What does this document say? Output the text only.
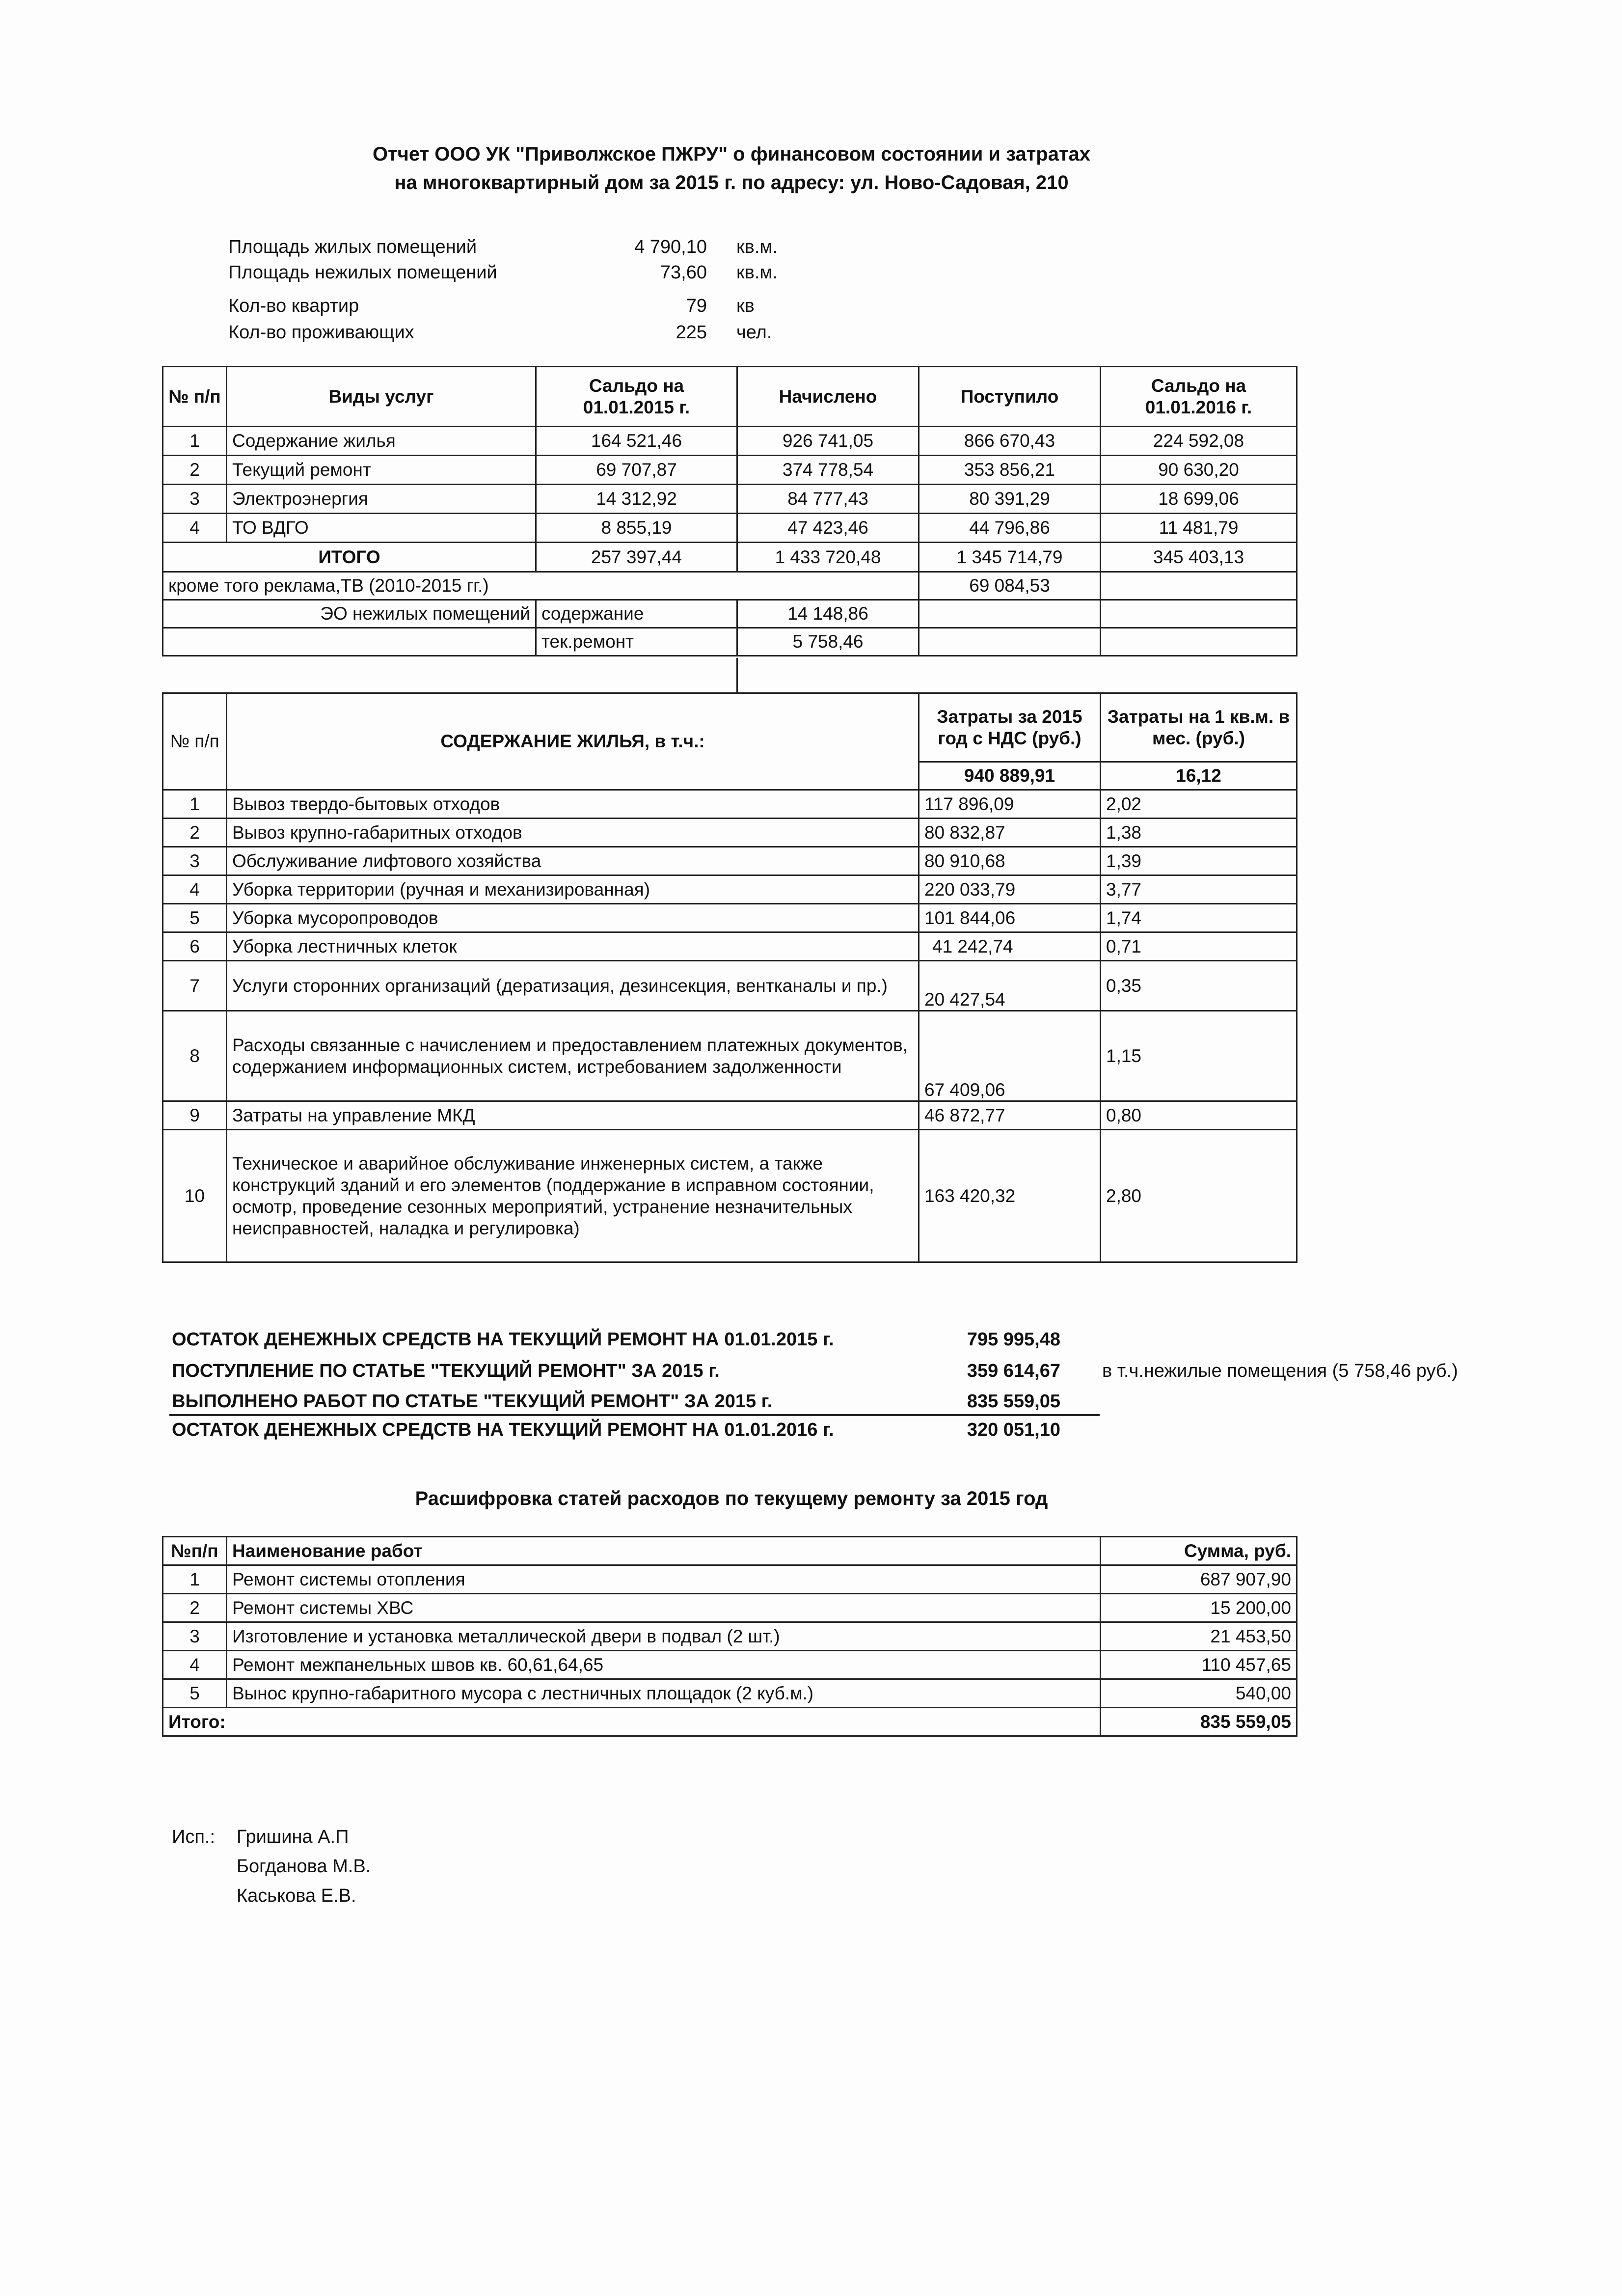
Отчет ООО УК "Приволжское ПЖРУ" о финансовом состоянии и затратах
на многоквартирный дом за 2015 г. по адресу: ул. Ново-Садовая, 210
Площадь жилых помещений	4 790,10 кв.м.
Площадь нежилых помещений	73,60 кв.м.
Кол-во квартир	79 кв
Кол-во проживающих	225 чел.
№ п/п	Виды услуг	Сальдо на 01.01.2015 г.	Начислено	Поступило	Сальдо на 01.01.2016 г.
1	Содержание жилья	164 521,46	926 741,05	866 670,43	224 592,08
2	Текущий ремонт	69 707,87	374 778,54	353 856,21	90 630,20
3	Электроэнергия	14 312,92	84 777,43	80 391,29	18 699,06
4	ТО ВДГО	8 855,19	47 423,46	44 796,86	11 481,79
ИТОГО		257 397,44	1 433 720,48	1 345 714,79	345 403,13
кроме того реклама,ТВ (2010-2015 гг.)				69 084,53	
ЭО нежилых помещений		содержание	14 148,86		
		тек.ремонт	5 758,46		
№ п/п	СОДЕРЖАНИЕ ЖИЛЬЯ, в т.ч.:	Затраты за 2015 год с НДС (руб.)	Затраты на 1 кв.м. в мес. (руб.)
		940 889,91	16,12
1	Вывоз твердо-бытовых отходов	117 896,09	2,02
2	Вывоз крупно-габаритных отходов	80 832,87	1,38
3	Обслуживание лифтового хозяйства	80 910,68	1,39
4	Уборка территории (ручная и механизированная)	220 033,79	3,77
5	Уборка мусоропроводов	101 844,06	1,74
6	Уборка лестничных клеток	41 242,74	0,71
7	Услуги сторонних организаций (дератизация, дезинсекция, вентканалы и пр.)	20 427,54	0,35
8	Расходы связанные с начислением и предоставлением платежных документов, содержанием информационных систем, истребованием задолженности	67 409,06	1,15
9	Затраты на управление МКД	46 872,77	0,80
10	Техническое и аварийное обслуживание инженерных систем, а также конструкций зданий и его элементов (поддержание в исправном состоянии, осмотр, проведение сезонных мероприятий, устранение незначительных неисправностей, наладка и регулировка)	163 420,32	2,80
ОСТАТОК ДЕНЕЖНЫХ СРЕДСТВ НА ТЕКУЩИЙ РЕМОНТ НА 01.01.2015 г.	795 995,48
ПОСТУПЛЕНИЕ ПО СТАТЬЕ "ТЕКУЩИЙ РЕМОНТ" ЗА 2015 г.	359 614,67 в т.ч.нежилые помещения (5 758,46 руб.)
ВЫПОЛНЕНО РАБОТ ПО СТАТЬЕ "ТЕКУЩИЙ РЕМОНТ" ЗА 2015 г.	835 559,05
ОСТАТОК ДЕНЕЖНЫХ СРЕДСТВ НА ТЕКУЩИЙ РЕМОНТ НА 01.01.2016 г.	320 051,10
Расшифровка статей расходов по текущему ремонту за 2015 год
№п/п	Наименование работ	Сумма, руб.
1	Ремонт системы отопления	687 907,90
2	Ремонт системы ХВС	15 200,00
3	Изготовление и установка металлической двери в подвал (2 шт.)	21 453,50
4	Ремонт межпанельных швов кв. 60,61,64,65	110 457,65
5	Вынос крупно-габаритного мусора с лестничных площадок (2 куб.м.)	540,00
Итого:		835 559,05
Исп.: Гришина А.П
Богданова М.В.
Каськова Е.В.
